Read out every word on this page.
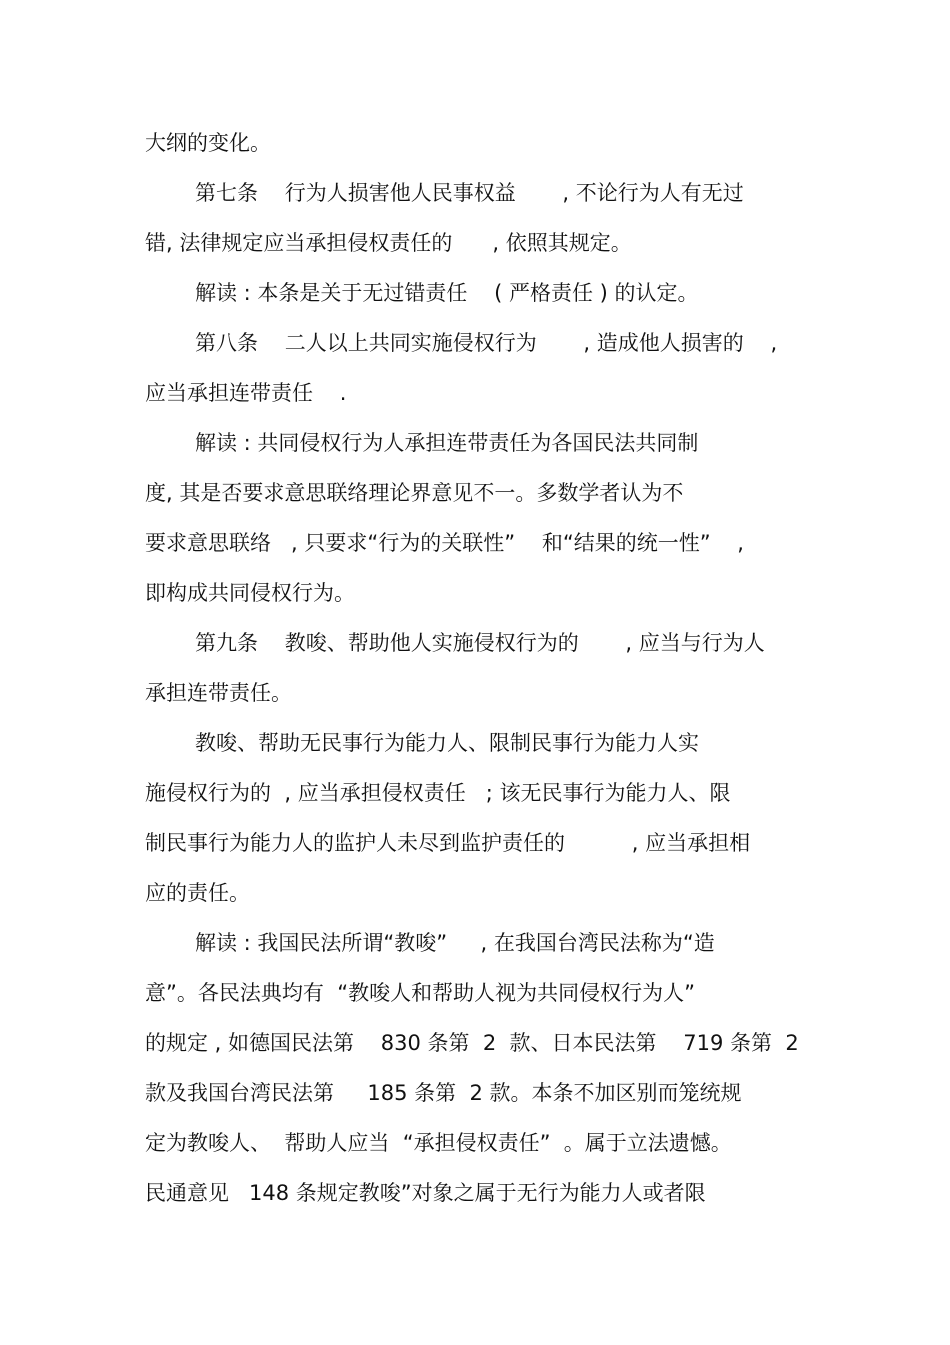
大纲的变化。
第七条    行为人损害他人民事权益       , 不论行为人有无过
错, 法律规定应当承担侵权责任的      , 依照其规定。
解读 : 本条是关于无过错责任    ( 严格责任 ) 的认定。
第八条    二人以上共同实施侵权行为       , 造成他人损害的    ,
应当承担连带责任    .
解读 : 共同侵权行为人承担连带责任为各国民法共同制
度, 其是否要求意思联络理论界意见不一。多数学者认为不
要求意思联络   , 只要求“行为的关联性”    和“结果的统一性”    ,
即构成共同侵权行为。
第九条    教唆、帮助他人实施侵权行为的       , 应当与行为人
承担连带责任。
教唆、帮助无民事行为能力人、限制民事行为能力人实
施侵权行为的  , 应当承担侵权责任   ; 该无民事行为能力人、限
制民事行为能力人的监护人未尽到监护责任的          , 应当承担相
应的责任。
解读 : 我国民法所谓“教唆”     , 在我国台湾民法称为“造
意”。各民法典均有  “教唆人和帮助人视为共同侵权行为人”
的规定 , 如德国民法第    830 条第  2  款、日本民法第    719 条第  2
款及我国台湾民法第     185 条第  2 款。本条不加区别而笼统规
定为教唆人、  帮助人应当  “承担侵权责任”  。属于立法遗憾。
民通意见   148 条规定教唆”对象之属于无行为能力人或者限
